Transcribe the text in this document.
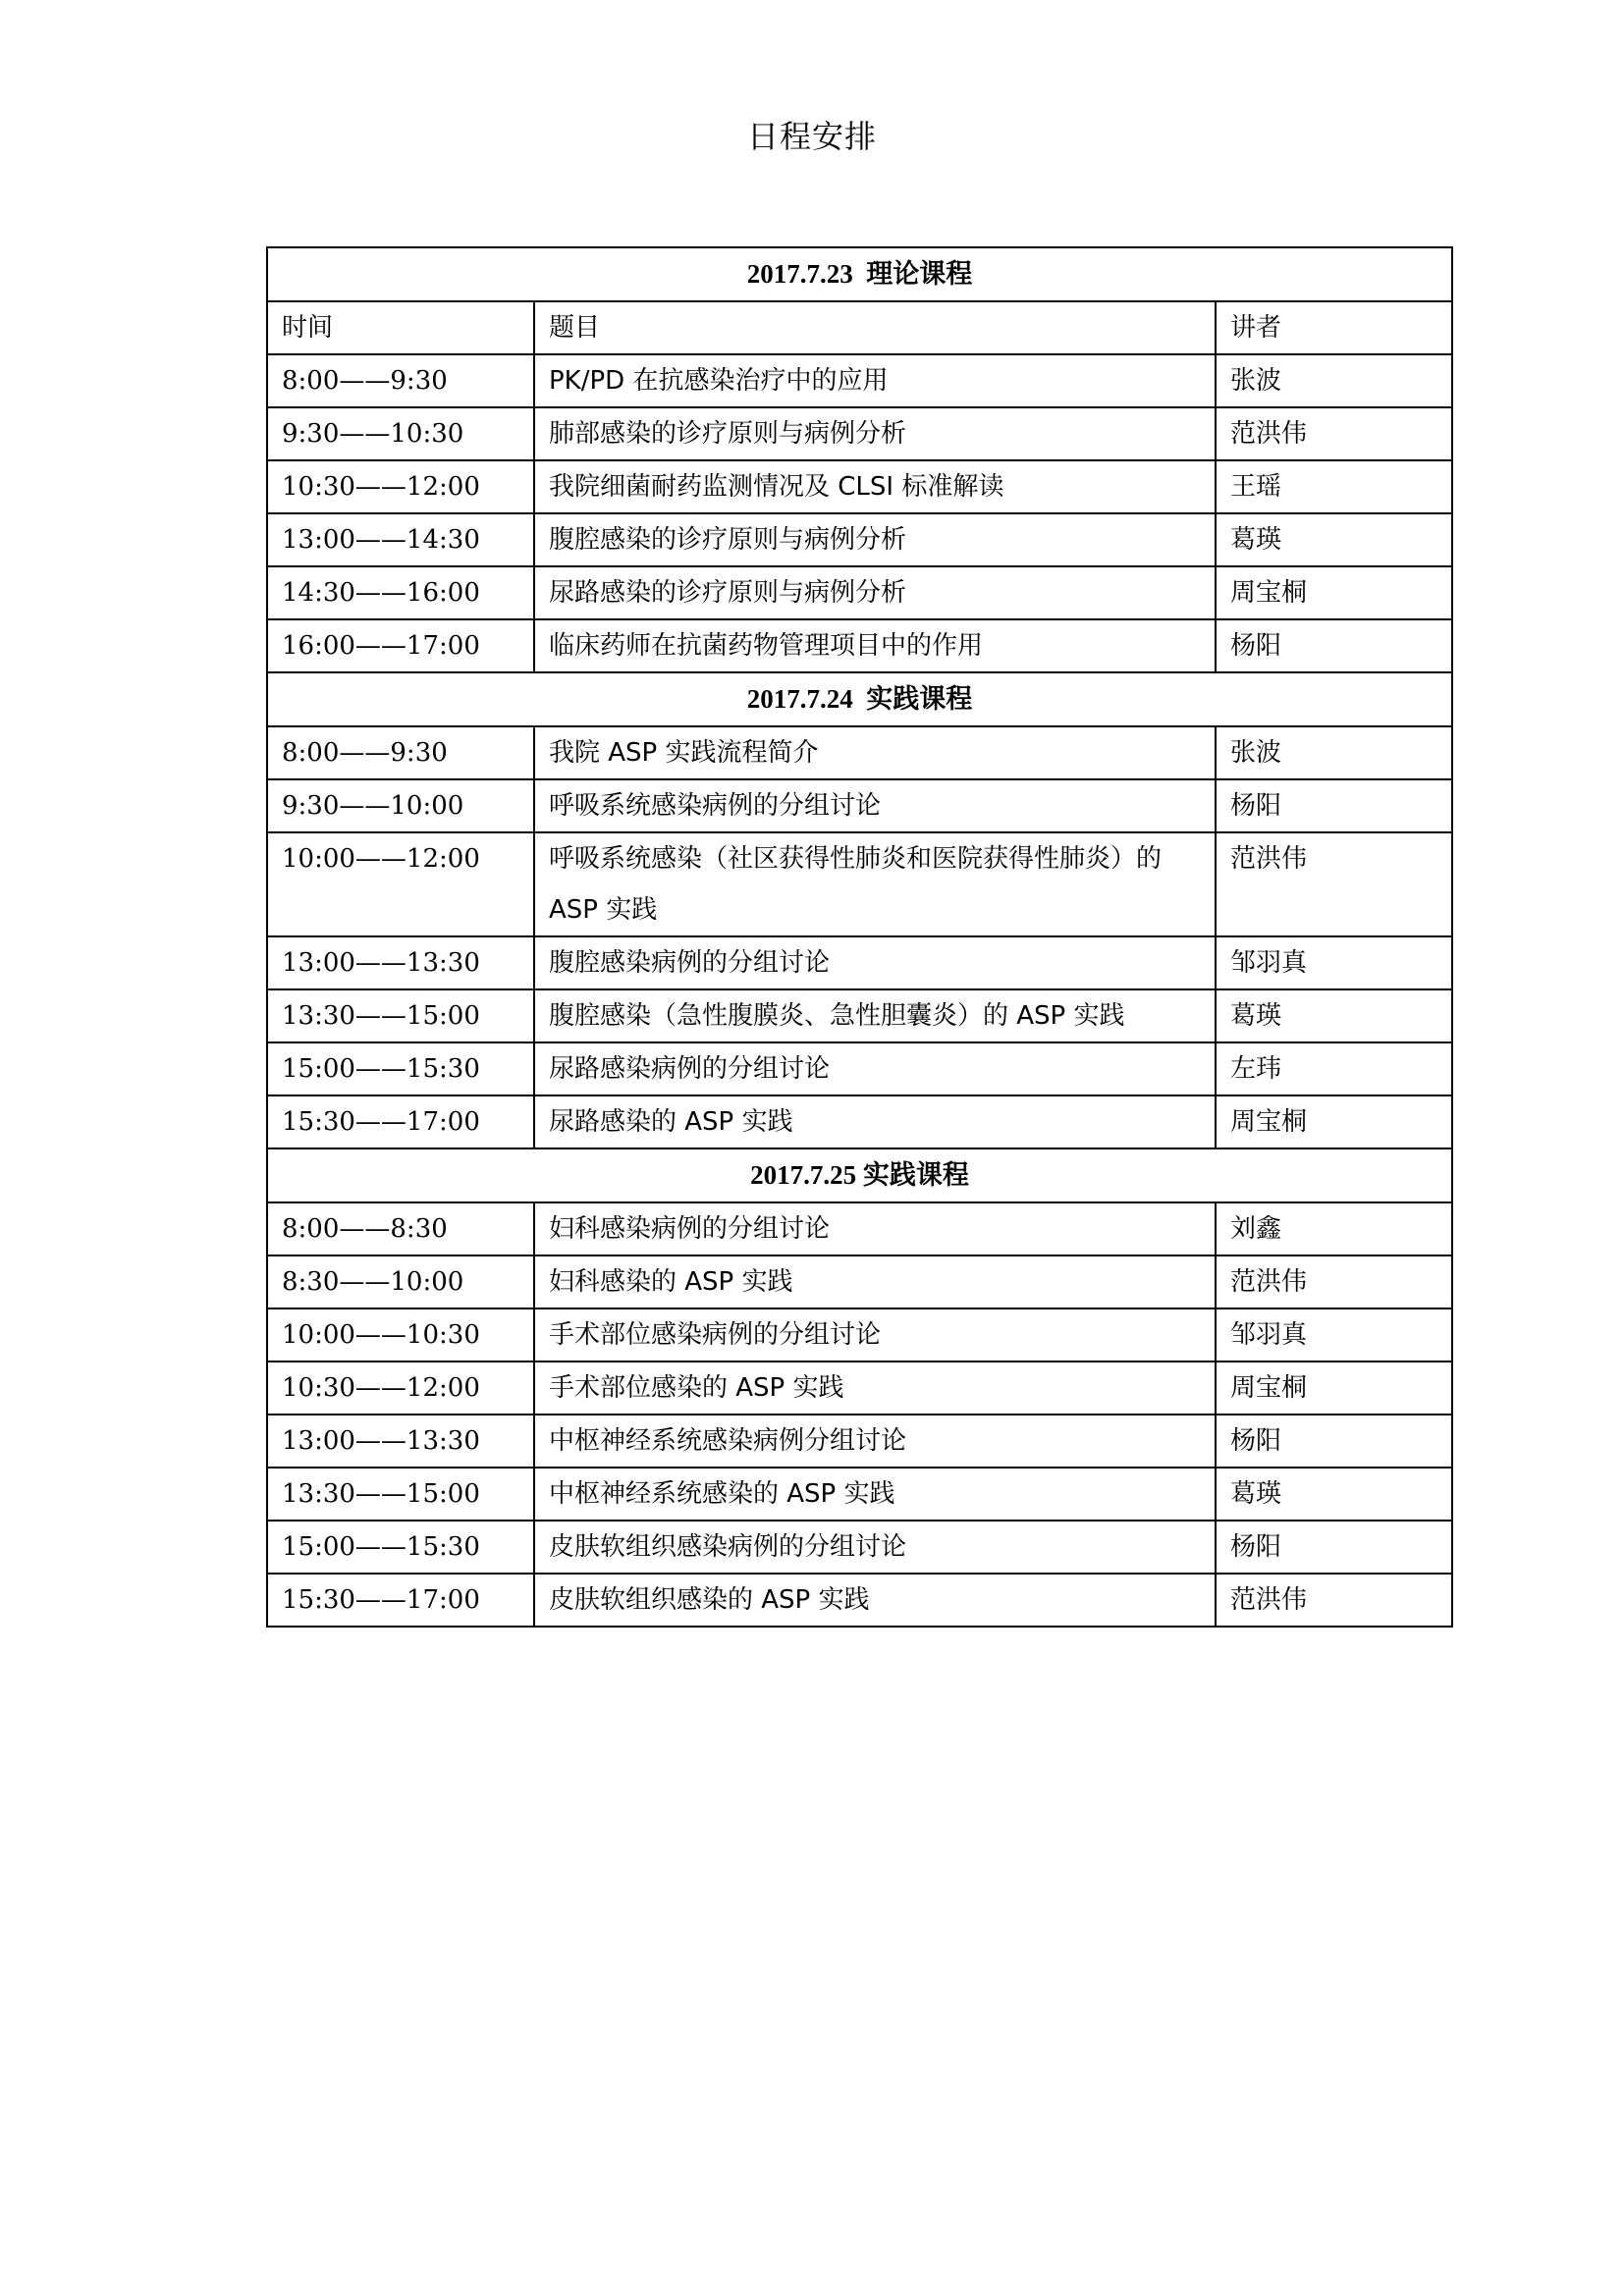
日程安排
2017.7.23 理论课程		
时间	题目	讲者
8:00——9:30	PK/PD 在抗感染治疗中的应用	张波
9:30——10:30	肺部感染的诊疗原则与病例分析	范洪伟
10:30——12:00	我院细菌耐药监测情况及 CLSI 标准解读	王瑶
13:00——14:30	腹腔感染的诊疗原则与病例分析	葛瑛
14:30——16:00	尿路感染的诊疗原则与病例分析	周宝桐
16:00——17:00	临床药师在抗菌药物管理项目中的作用	杨阳
2017.7.24 实践课程		
8:00——9:30	我院 ASP 实践流程简介	张波
9:30——10:00	呼吸系统感染病例的分组讨论	杨阳
10:00——12:00	呼吸系统感染（社区获得性肺炎和医院获得性肺炎）的 ASP 实践	范洪伟
13:00——13:30	腹腔感染病例的分组讨论	邹羽真
13:30——15:00	腹腔感染（急性腹膜炎、急性胆囊炎）的 ASP 实践	葛瑛
15:00——15:30	尿路感染病例的分组讨论	左玮
15:30——17:00	尿路感染的 ASP 实践	周宝桐
2017.7.25 实践课程		
8:00——8:30	妇科感染病例的分组讨论	刘鑫
8:30——10:00	妇科感染的 ASP 实践	范洪伟
10:00——10:30	手术部位感染病例的分组讨论	邹羽真
10:30——12:00	手术部位感染的 ASP 实践	周宝桐
13:00——13:30	中枢神经系统感染病例分组讨论	杨阳
13:30——15:00	中枢神经系统感染的 ASP 实践	葛瑛
15:00——15:30	皮肤软组织感染病例的分组讨论	杨阳
15:30——17:00	皮肤软组织感染的 ASP 实践	范洪伟
